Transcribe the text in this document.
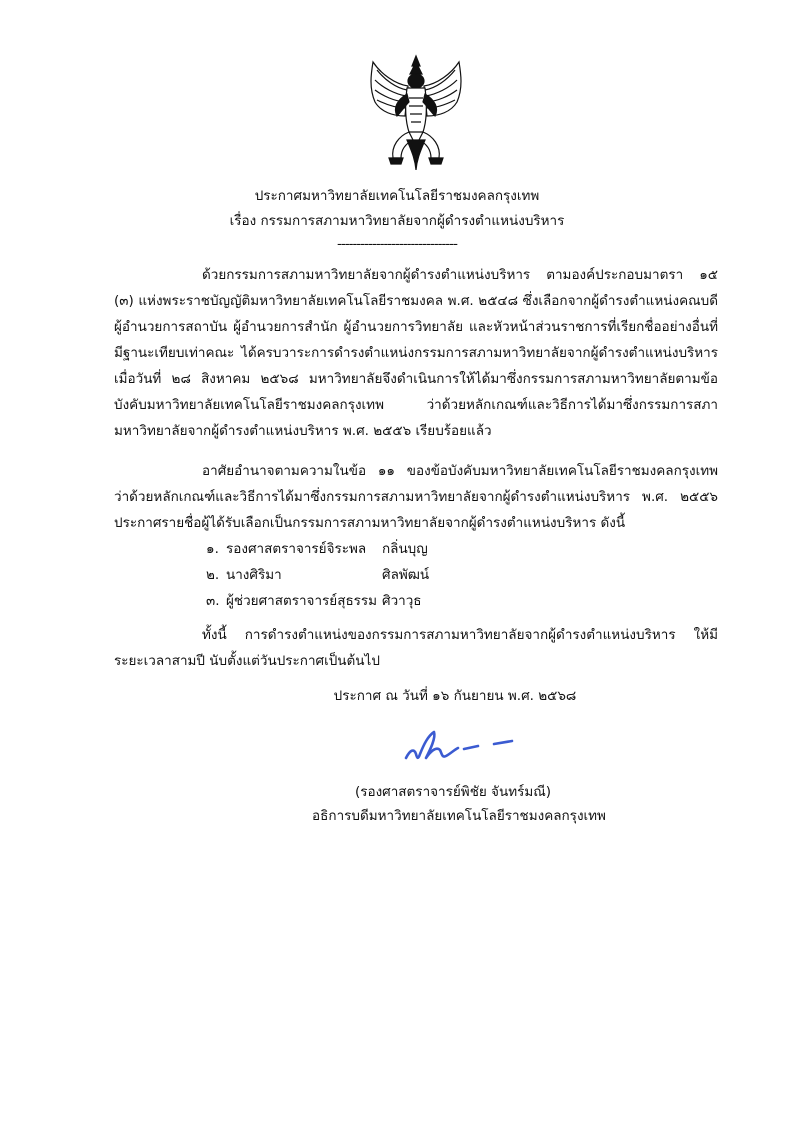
ประกาศมหาวิทยาลัยเทคโนโลยีราชมงคลกรุงเทพ
เรื่อง กรรมการสภามหาวิทยาลัยจากผู้ดำรงตำแหน่งบริหาร
-------------------------------

ด้วยกรรมการสภามหาวิทยาลัยจากผู้ดำรงตำแหน่งบริหาร ตามองค์ประกอบมาตรา ๑๕ (๓) แห่งพระราชบัญญัติมหาวิทยาลัยเทคโนโลยีราชมงคล พ.ศ. ๒๕๔๘ ซึ่งเลือกจากผู้ดำรงตำแหน่งคณบดี ผู้อำนวยการสถาบัน ผู้อำนวยการสำนัก ผู้อำนวยการวิทยาลัย และหัวหน้าส่วนราชการที่เรียกชื่ออย่างอื่นที่มีฐานะเทียบเท่าคณะ ได้ครบวาระการดำรงตำแหน่งกรรมการสภามหาวิทยาลัยจากผู้ดำรงตำแหน่งบริหาร เมื่อวันที่ ๒๘ สิงหาคม ๒๕๖๘ มหาวิทยาลัยจึงดำเนินการให้ได้มาซึ่งกรรมการสภามหาวิทยาลัยตามข้อบังคับมหาวิทยาลัยเทคโนโลยีราชมงคลกรุงเทพ ว่าด้วยหลักเกณฑ์และวิธีการได้มาซึ่งกรรมการสภามหาวิทยาลัยจากผู้ดำรงตำแหน่งบริหาร พ.ศ. ๒๕๕๖ เรียบร้อยแล้ว

อาศัยอำนาจตามความในข้อ ๑๑ ของข้อบังคับมหาวิทยาลัยเทคโนโลยีราชมงคลกรุงเทพ ว่าด้วยหลักเกณฑ์และวิธีการได้มาซึ่งกรรมการสภามหาวิทยาลัยจากผู้ดำรงตำแหน่งบริหาร พ.ศ. ๒๕๕๖ ประกาศรายชื่อผู้ได้รับเลือกเป็นกรรมการสภามหาวิทยาลัยจากผู้ดำรงตำแหน่งบริหาร ดังนี้

๑. รองศาสตราจารย์จิระพล	กลิ่นบุญ
๒. นางศิริมา	ศิลพัฒน์
๓. ผู้ช่วยศาสตราจารย์สุธรรม ศิวาวุธ

ทั้งนี้ การดำรงตำแหน่งของกรรมการสภามหาวิทยาลัยจากผู้ดำรงตำแหน่งบริหาร ให้มีระยะเวลาสามปี นับตั้งแต่วันประกาศเป็นต้นไป

ประกาศ ณ วันที่ ๑๖ กันยายน พ.ศ. ๒๕๖๘
(รองศาสตราจารย์พิชัย จันทร์มณี)
อธิการบดีมหาวิทยาลัยเทคโนโลยีราชมงคลกรุงเทพ
